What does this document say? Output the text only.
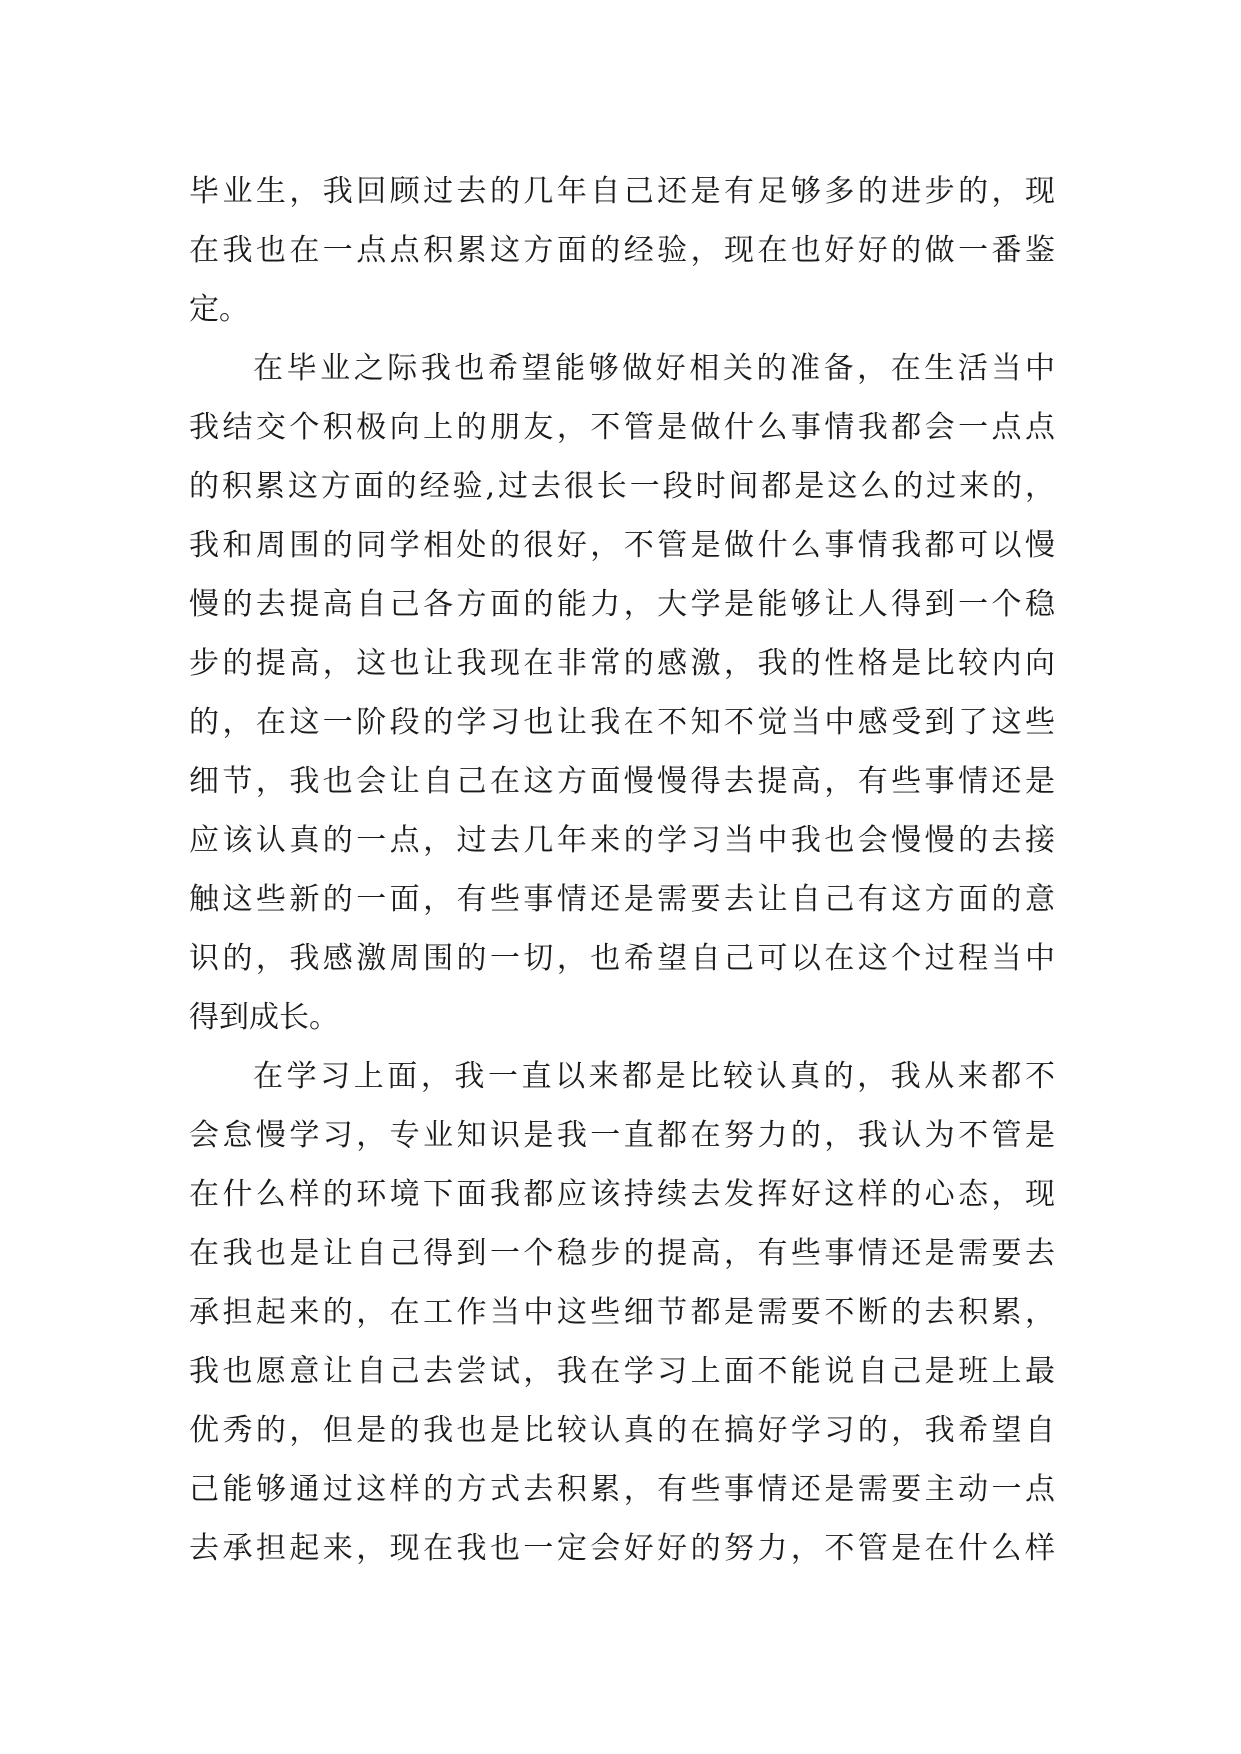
毕业生，我回顾过去的几年自己还是有足够多的进步的，现
在我也在一点点积累这方面的经验，现在也好好的做一番鉴
定。
在毕业之际我也希望能够做好相关的准备，在生活当中
我结交个积极向上的朋友，不管是做什么事情我都会一点点
的积累这方面的经验,过去很长一段时间都是这么的过来的，
我和周围的同学相处的很好，不管是做什么事情我都可以慢
慢的去提高自己各方面的能力，大学是能够让人得到一个稳
步的提高，这也让我现在非常的感激，我的性格是比较内向
的，在这一阶段的学习也让我在不知不觉当中感受到了这些
细节，我也会让自己在这方面慢慢得去提高，有些事情还是
应该认真的一点，过去几年来的学习当中我也会慢慢的去接
触这些新的一面，有些事情还是需要去让自己有这方面的意
识的，我感激周围的一切，也希望自己可以在这个过程当中
得到成长。
在学习上面，我一直以来都是比较认真的，我从来都不
会怠慢学习，专业知识是我一直都在努力的，我认为不管是
在什么样的环境下面我都应该持续去发挥好这样的心态，现
在我也是让自己得到一个稳步的提高，有些事情还是需要去
承担起来的，在工作当中这些细节都是需要不断的去积累，
我也愿意让自己去尝试，我在学习上面不能说自己是班上最
优秀的，但是的我也是比较认真的在搞好学习的，我希望自
己能够通过这样的方式去积累，有些事情还是需要主动一点
去承担起来，现在我也一定会好好的努力，不管是在什么样
